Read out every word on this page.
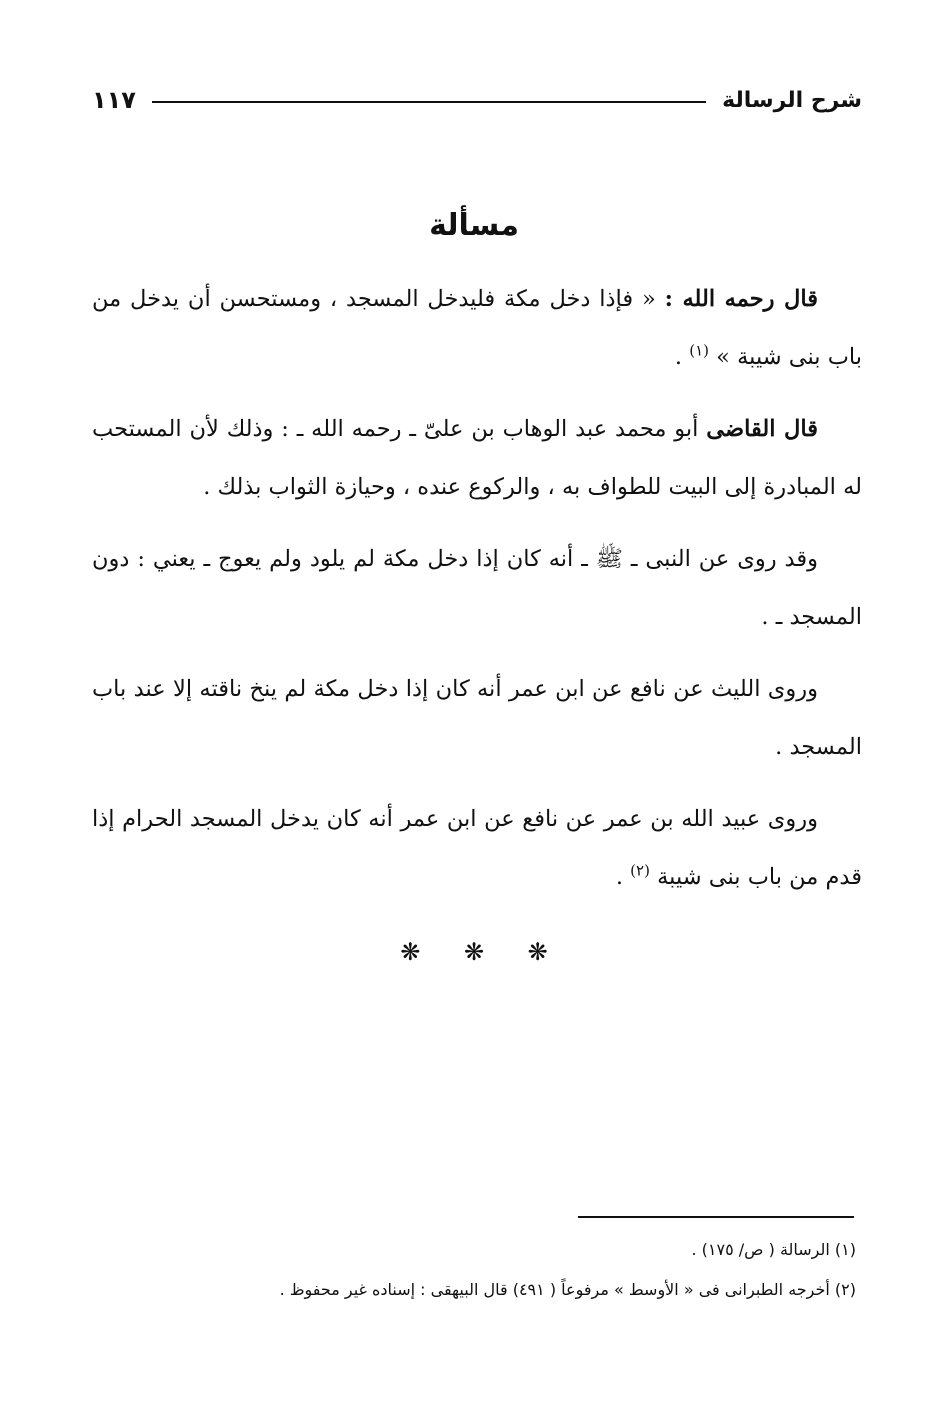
شرح الرسالة
١١٧
مسألة

قال رحمه الله : « فإذا دخل مكة فليدخل المسجد ، ومستحسن أن يدخل من باب بنى شيبة » $^{(١)}$ .

قال القاضى أبو محمد عبد الوهاب بن علىّ ـ رحمه الله ـ : وذلك لأن المستحب له المبادرة إلى البيت للطواف به ، والركوع عنده ، وحيازة الثواب بذلك .

وقد روى عن النبى ـ ﷺ ـ أنه كان إذا دخل مكة لم يلود ولم يعوج ـ يعني : دون المسجد ـ .

وروى الليث عن نافع عن ابن عمر أنه كان إذا دخل مكة لم ينخ ناقته إلا عند باب المسجد .

وروى عبيد الله بن عمر عن نافع عن ابن عمر أنه كان يدخل المسجد الحرام إذا قدم من باب بنى شيبة $^{(٢)}$ .

❋ ❋ ❋

(١) الرسالة ( ص/ ١٧٥) .

(٢) أخرجه الطبرانى فى « الأوسط » مرفوعاً ( ٤٩١) قال البيهقى : إسناده غير محفوظ .
